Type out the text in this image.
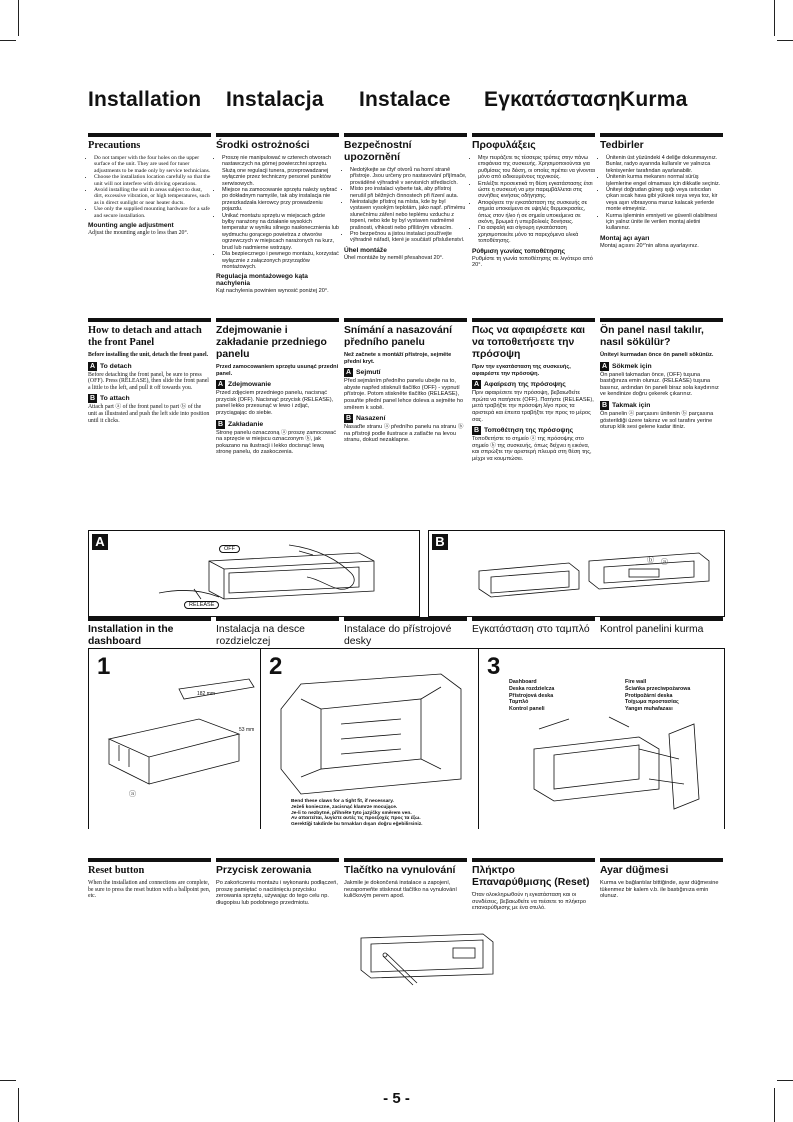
Installation	Instalacja	Instalace	Εγκατάσταση Kurma
Precautions
• Do not tamper with the four holes on the upper surface of the unit. They are used for tuner adjustments to be made only by service technicians.
• Choose the installation location carefully so that the unit will not interfere with driving operations.
• Avoid installing the unit in areas subject to dust, dirt, excessive vibration, or high temperatures, such as in direct sunlight or near heater ducts.
• Use only the supplied mounting hardware for a safe and secure installation.
Mounting angle adjustment

Adjust the mounting angle to less than 20°.

Środki ostrożności
• Proszę nie manipulować w czterech otworach nastawczych na górnej powierzchni sprzętu. Służą one regulacji tunera, przeprowadzanej wyłącznie przez techniczny personel punktów serwisowych.
• Miejsce na zamocowanie sprzętu należy wybrać po dokładnym namyśle, tak aby instalacja nie przeszkadzała kierowcy przy prowadzeniu pojazdu.
• Unikać montażu sprzętu w miejscach gdzie byłby narażony na działanie wysokich temperatur w wyniku silnego nasłonecznienia lub wydmuchu gorącego powietrza z otworów ogrzewczych w miejscach narażonych na kurz, brud lub nadmierne wstrząsy.
• Dla bezpiecznego i pewnego montażu, korzystać wyłącznie z załączonych przyrządów montażowych.
Regulacja montażowego kąta nachylenia

Kąt nachylenia powinien wynosić poniżej 20°.

Bezpečnostní upozornění
• Nedotýkejte se čtyř otvorů na horní straně přístroje. Jsou určeny pro nastavování příjímače, prováděné výhradně v servisních střediscích.
• Místo pro instalaci vyberte tak, aby přístroj nerušil při běžných činnostech při řízení auta.
• Neinstalujte přístroj na místa, kde by byl vystaven vysokým teplotám, jako např. přímému slunečnímu záření nebo teplému vzduchu z topení, nebo kde by byl vystaven nadměrné prašnosti, vlhkosti nebo přílišným vibracím.
• Pro bezpečnou a jistou instalaci používejte výhradně nářadí, které je součástí příslušenství.
Úhel montáže

Úhel montáže by neměl přesahovat 20°.

Προφυλάξεις
• Μην πειράζετε τις τέσσερις τρύπες στην πάνω επιφάνεια της συσκευής. Χρησιμοποιούνται για ρυθμίσεις του δέκτη, οι οποίες πρέπει να γίνονται μόνο από ειδικευμένους τεχνικούς.
• Επιλέξτε προσεκτικά τη θέση εγκατάστασης έτσι ώστε η συσκευή να μην παρεμβάλλεται στις συνήθεις κινήσεις οδήγησης.
• Αποφύγετε την εγκατάσταση της συσκευής σε σημεία υποκείμενα σε υψηλές θερμοκρασίες, όπως στον ήλιο ή σε σημεία υποκείμενα σε σκόνη, βρωμιά ή υπερβολικές δονήσεις.
• Για ασφαλή και σίγουρη εγκατάσταση χρησιμοποιείτε μόνο τα παρεχόμενα υλικά τοποθέτησης.
Ρύθμιση γωνίας τοποθέτησης

Ρυθμίστε τη γωνία τοποθέτησης σε λιγότερο από 20°.

Tedbirler
• Ünitenin üst yüzündeki 4 deliğe dokunmayınız. Bunlar, radyo ayarında kullanılır ve yalnızca teknisyenler tarafından ayarlanabilir.
• Ünitenin kurma mekanını normal sürüş işlemlerine engel olmaması için dikkatle seçiniz.
• Üniteyi doğrudan güneş ışığı veya ısıtıcıdan çıkan sıcak hava gibi yüksek ısıya veya toz, kir veya aşırı vibrasyona maruz kalacak yerlerde monte etmeyiniz.
• Kurma işleminin emniyeti ve güvenli olabilmesi için yalnız ünite ile verilen montaj aletini kullanınız.
Montaj açı ayarı

Montaj açısını 20°'nin altına ayarlayınız.

How to detach and attach the front Panel

Before installing the unit, detach the front panel.

A To detach

Before detaching the front panel, be sure to press (OFF). Press (RELEASE), then slide the front panel a little to the left, and pull it off towards you.

B To attach

Attach part ⓐ of the front panel to part ⓑ of the unit as illustrated and push the left side into position until it clicks.

Zdejmowanie i zakładanie przedniego panelu

Przed zamocowaniem sprzętu usunąć przedni panel.

A Zdejmowanie

Przed zdjęciem przedniego panelu, nacisnąć przycisk (OFF). Nacisnąć przycisk (RELEASE), panel lekko przesunąć w lewo i zdjąć, przyciągając do siebie.

B Zakładanie

Stronę panelu oznaczoną ⓐ proszę zamocować na sprzęcie w miejscu oznaczonym ⓑ, jak pokazano na ilustracji i lekko docisnąć lewą stronę panelu, do zaskoczenia.

Snímání a nasazování předního panelu

Než začnete s montáží přístroje, sejměte přední kryt.

A Sejmutí

Před sejmáním předního panelu ubejte na to, abyste napřed stisknuli tlačítko (OFF) - vypnutí přístroje. Potom stiskněte tlačítko (RELEASE), posuňte přední panel lehce doleva a sejměte ho směrem k sobě.

B Nasazení

Nasaďte stranu ⓐ předního panelu na stranu ⓑ na přístroji podle ilustrace a zatlačte na levou stranu, dokud nezaklapne.

Πως να αφαιρέσετε και να τοποθετήσετε την πρόσοψη

Πριν την εγκατάσταση της συσκευής, αφαιρέστε την πρόσοψη.

A Αφαίρεση της πρόσοψης

Πριν αφαιρέσετε την πρόσοψη, βεβαιωθείτε πρώτα να πατήσετε (OFF). Πατήστε (RELEASE), μετά τραβήξτε την πρόσοψη λίγο προς τα αριστερά και έπειτα τραβήξτε την προς το μέρος σας.

B Τοποθέτηση της πρόσοψης

Τοποθετήστε το σημείο ⓐ της πρόσοψης στο σημείο ⓑ της συσκευής, όπως δείχνει η εικόνα, και σπρώξτε την αριστερή πλευρά στη θέση της, μέχρι να κουμπώσει.

Ön panel nasıl takılır, nasıl sökülür?

Üniteyi kurmadan önce ön paneli sökünüz.

A Sökmek için

Ön paneli takmadan önce, (OFF) tuşuna bastığınıza emin olunuz. (RELEASE) tuşuna basınız, ardından ön paneli biraz sola kaydırınız ve kendinize doğru çekerek çıkarınız.

B Takmak için

Ön panelin ⓐ parçasını ünitenin ⓑ parçasına gösterildiği üzere takınız ve sol tarafını yerine oturup klik sesi gelene kadar itiniz.

A	OFF
RELEASE
B
ⓑ ⓐ
Installation in the dashboard
Instalacja na desce rozdzielczej
Instalace do přístrojové desky
Εγκατάσταση στο ταμπλό Kontrol panelini kurma
1
182 mm
53 mm
ⓐ
2
Bend these claws for a tight fit, if necessary.
Jeżeli konieczne, zacisnąć klamrze mocujące.
Je-li to nezbytné, přihněte tyto jazýčky směrem ven.
Αν απαιτείται, λυγίστε αυτές τις προεξοχές προς τα έξω.
Gerektiği takdirde bu tırnakları dışarı doğru eğebilirsiniz.
3
Dashboard
Deska rozdzielcza
Přístrojová deska
Ταμπλό
Kontrol paneli
Fire wall
Ściańka przeciwpożarowa
Protipožární deska
Τοίχωμα προστασίας
Yangın muhafazası
Reset button

When the installation and connections are complete, be sure to press the reset button with a ballpoint pen, etc.

Przycisk zerowania

Po zakończeniu montażu i wykonaniu podłączeń, proszę pamiętać o naciśnięciu przycisku zerowania sprzętu, używając do tego celu np. długopisu lub podobnego przedmiotu.

Tlačítko na vynulování

Jakmile je dokončená instalace a zapojení, nezapomeňte stisknout tlačítko na vynulování kuličkovým perem apod.

Πλήκτρο Επαναρύθμισης (Reset)

Όταν ολοκληρωθούν η εγκατάσταση και οι συνδέσεις, βεβαιωθείτε να πιέσετε το πλήκτρο επαναρύθμισης με ένα στυλό.

Ayar düğmesi

Kurma ve bağlantılar bittiğinde, ayar düğmesine tükenmez bir kalem v.b. ile bastığınıza emin olunuz.

- 5 -
